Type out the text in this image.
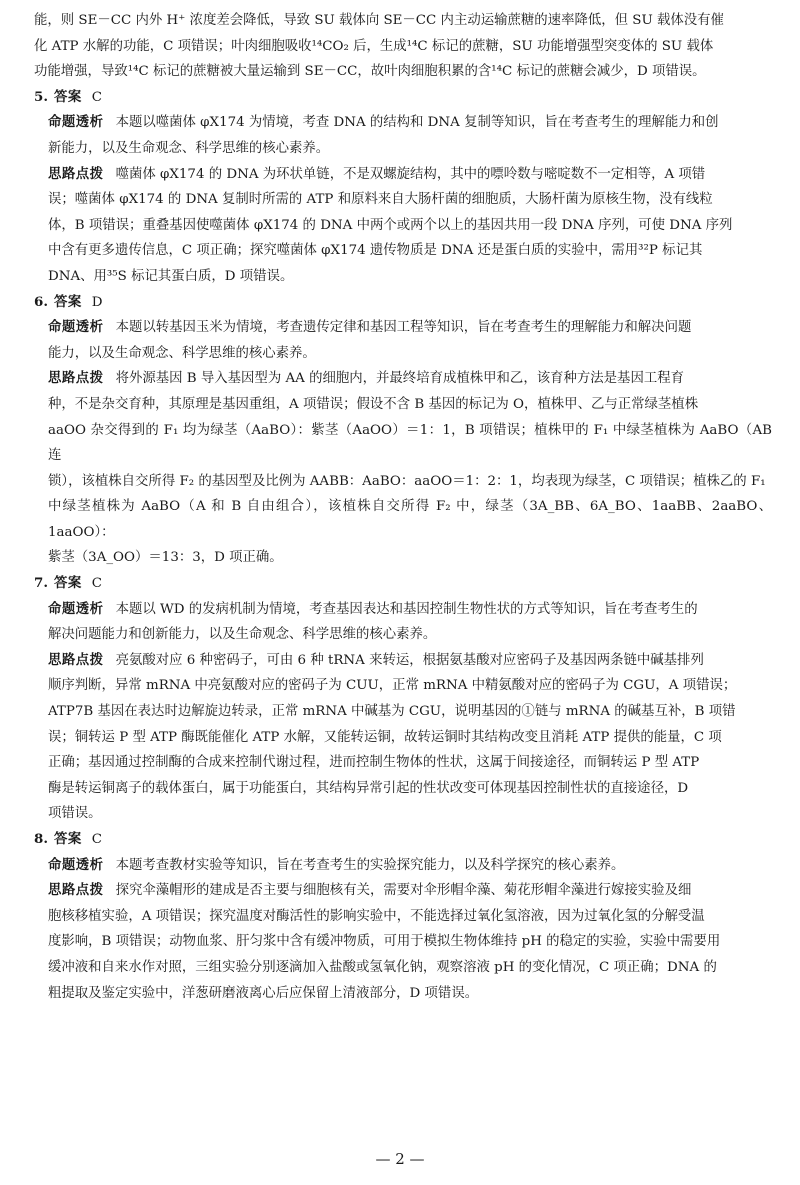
能，则 SE－CC 内外 H⁺ 浓度差会降低，导致 SU 载体向 SE－CC 内主动运输蔗糖的速率降低，但 SU 载体没有催

化 ATP 水解的功能，C 项错误；叶肉细胞吸收¹⁴CO₂ 后，生成¹⁴C 标记的蔗糖，SU 功能增强型突变体的 SU 载体

功能增强，导致¹⁴C 标记的蔗糖被大量运输到 SE－CC，故叶肉细胞积累的含¹⁴C 标记的蔗糖会减少，D 项错误。

5. 答案 C

命题透析 本题以噬菌体 φX174 为情境，考查 DNA 的结构和 DNA 复制等知识，旨在考查考生的理解能力和创

新能力，以及生命观念、科学思维的核心素养。

思路点拨 噬菌体 φX174 的 DNA 为环状单链，不是双螺旋结构，其中的嘌呤数与嘧啶数不一定相等，A 项错

误；噬菌体 φX174 的 DNA 复制时所需的 ATP 和原料来自大肠杆菌的细胞质，大肠杆菌为原核生物，没有线粒

体，B 项错误；重叠基因使噬菌体 φX174 的 DNA 中两个或两个以上的基因共用一段 DNA 序列，可使 DNA 序列

中含有更多遗传信息，C 项正确；探究噬菌体 φX174 遗传物质是 DNA 还是蛋白质的实验中，需用³²P 标记其

DNA、用³⁵S 标记其蛋白质，D 项错误。

6. 答案 D

命题透析 本题以转基因玉米为情境，考查遗传定律和基因工程等知识，旨在考查考生的理解能力和解决问题

能力，以及生命观念、科学思维的核心素养。

思路点拨 将外源基因 B 导入基因型为 AA 的细胞内，并最终培育成植株甲和乙，该育种方法是基因工程育

种，不是杂交育种，其原理是基因重组，A 项错误；假设不含 B 基因的标记为 O，植株甲、乙与正常绿茎植株

aaOO 杂交得到的 F₁ 均为绿茎（AaBO）：紫茎（AaOO）＝1：1，B 项错误；植株甲的 F₁ 中绿茎植株为 AaBO（AB 连

锁），该植株自交所得 F₂ 的基因型及比例为 AABB：AaBO：aaOO＝1：2：1，均表现为绿茎，C 项错误；植株乙的 F₁

中绿茎植株为 AaBO（A 和 B 自由组合），该植株自交所得 F₂ 中，绿茎（3A_BB、6A_BO、1aaBB、2aaBO、1aaOO）：

紫茎（3A_OO）＝13：3，D 项正确。

7. 答案 C

命题透析 本题以 WD 的发病机制为情境，考查基因表达和基因控制生物性状的方式等知识，旨在考查考生的

解决问题能力和创新能力，以及生命观念、科学思维的核心素养。

思路点拨 亮氨酸对应 6 种密码子，可由 6 种 tRNA 来转运，根据氨基酸对应密码子及基因两条链中碱基排列

顺序判断，异常 mRNA 中亮氨酸对应的密码子为 CUU，正常 mRNA 中精氨酸对应的密码子为 CGU，A 项错误；

ATP7B 基因在表达时边解旋边转录，正常 mRNA 中碱基为 CGU，说明基因的①链与 mRNA 的碱基互补，B 项错

误；铜转运 P 型 ATP 酶既能催化 ATP 水解，又能转运铜，故转运铜时其结构改变且消耗 ATP 提供的能量，C 项

正确；基因通过控制酶的合成来控制代谢过程，进而控制生物体的性状，这属于间接途径，而铜转运 P 型 ATP

酶是转运铜离子的载体蛋白，属于功能蛋白，其结构异常引起的性状改变可体现基因控制性状的直接途径，D

项错误。

8. 答案 C

命题透析 本题考查教材实验等知识，旨在考查考生的实验探究能力，以及科学探究的核心素养。

思路点拨 探究伞藻帽形的建成是否主要与细胞核有关，需要对伞形帽伞藻、菊花形帽伞藻进行嫁接实验及细

胞核移植实验，A 项错误；探究温度对酶活性的影响实验中，不能选择过氧化氢溶液，因为过氧化氢的分解受温

度影响，B 项错误；动物血浆、肝匀浆中含有缓冲物质，可用于模拟生物体维持 pH 的稳定的实验，实验中需要用

缓冲液和自来水作对照，三组实验分别逐滴加入盐酸或氢氧化钠，观察溶液 pH 的变化情况，C 项正确；DNA 的

粗提取及鉴定实验中，洋葱研磨液离心后应保留上清液部分，D 项错误。

— 2 —
